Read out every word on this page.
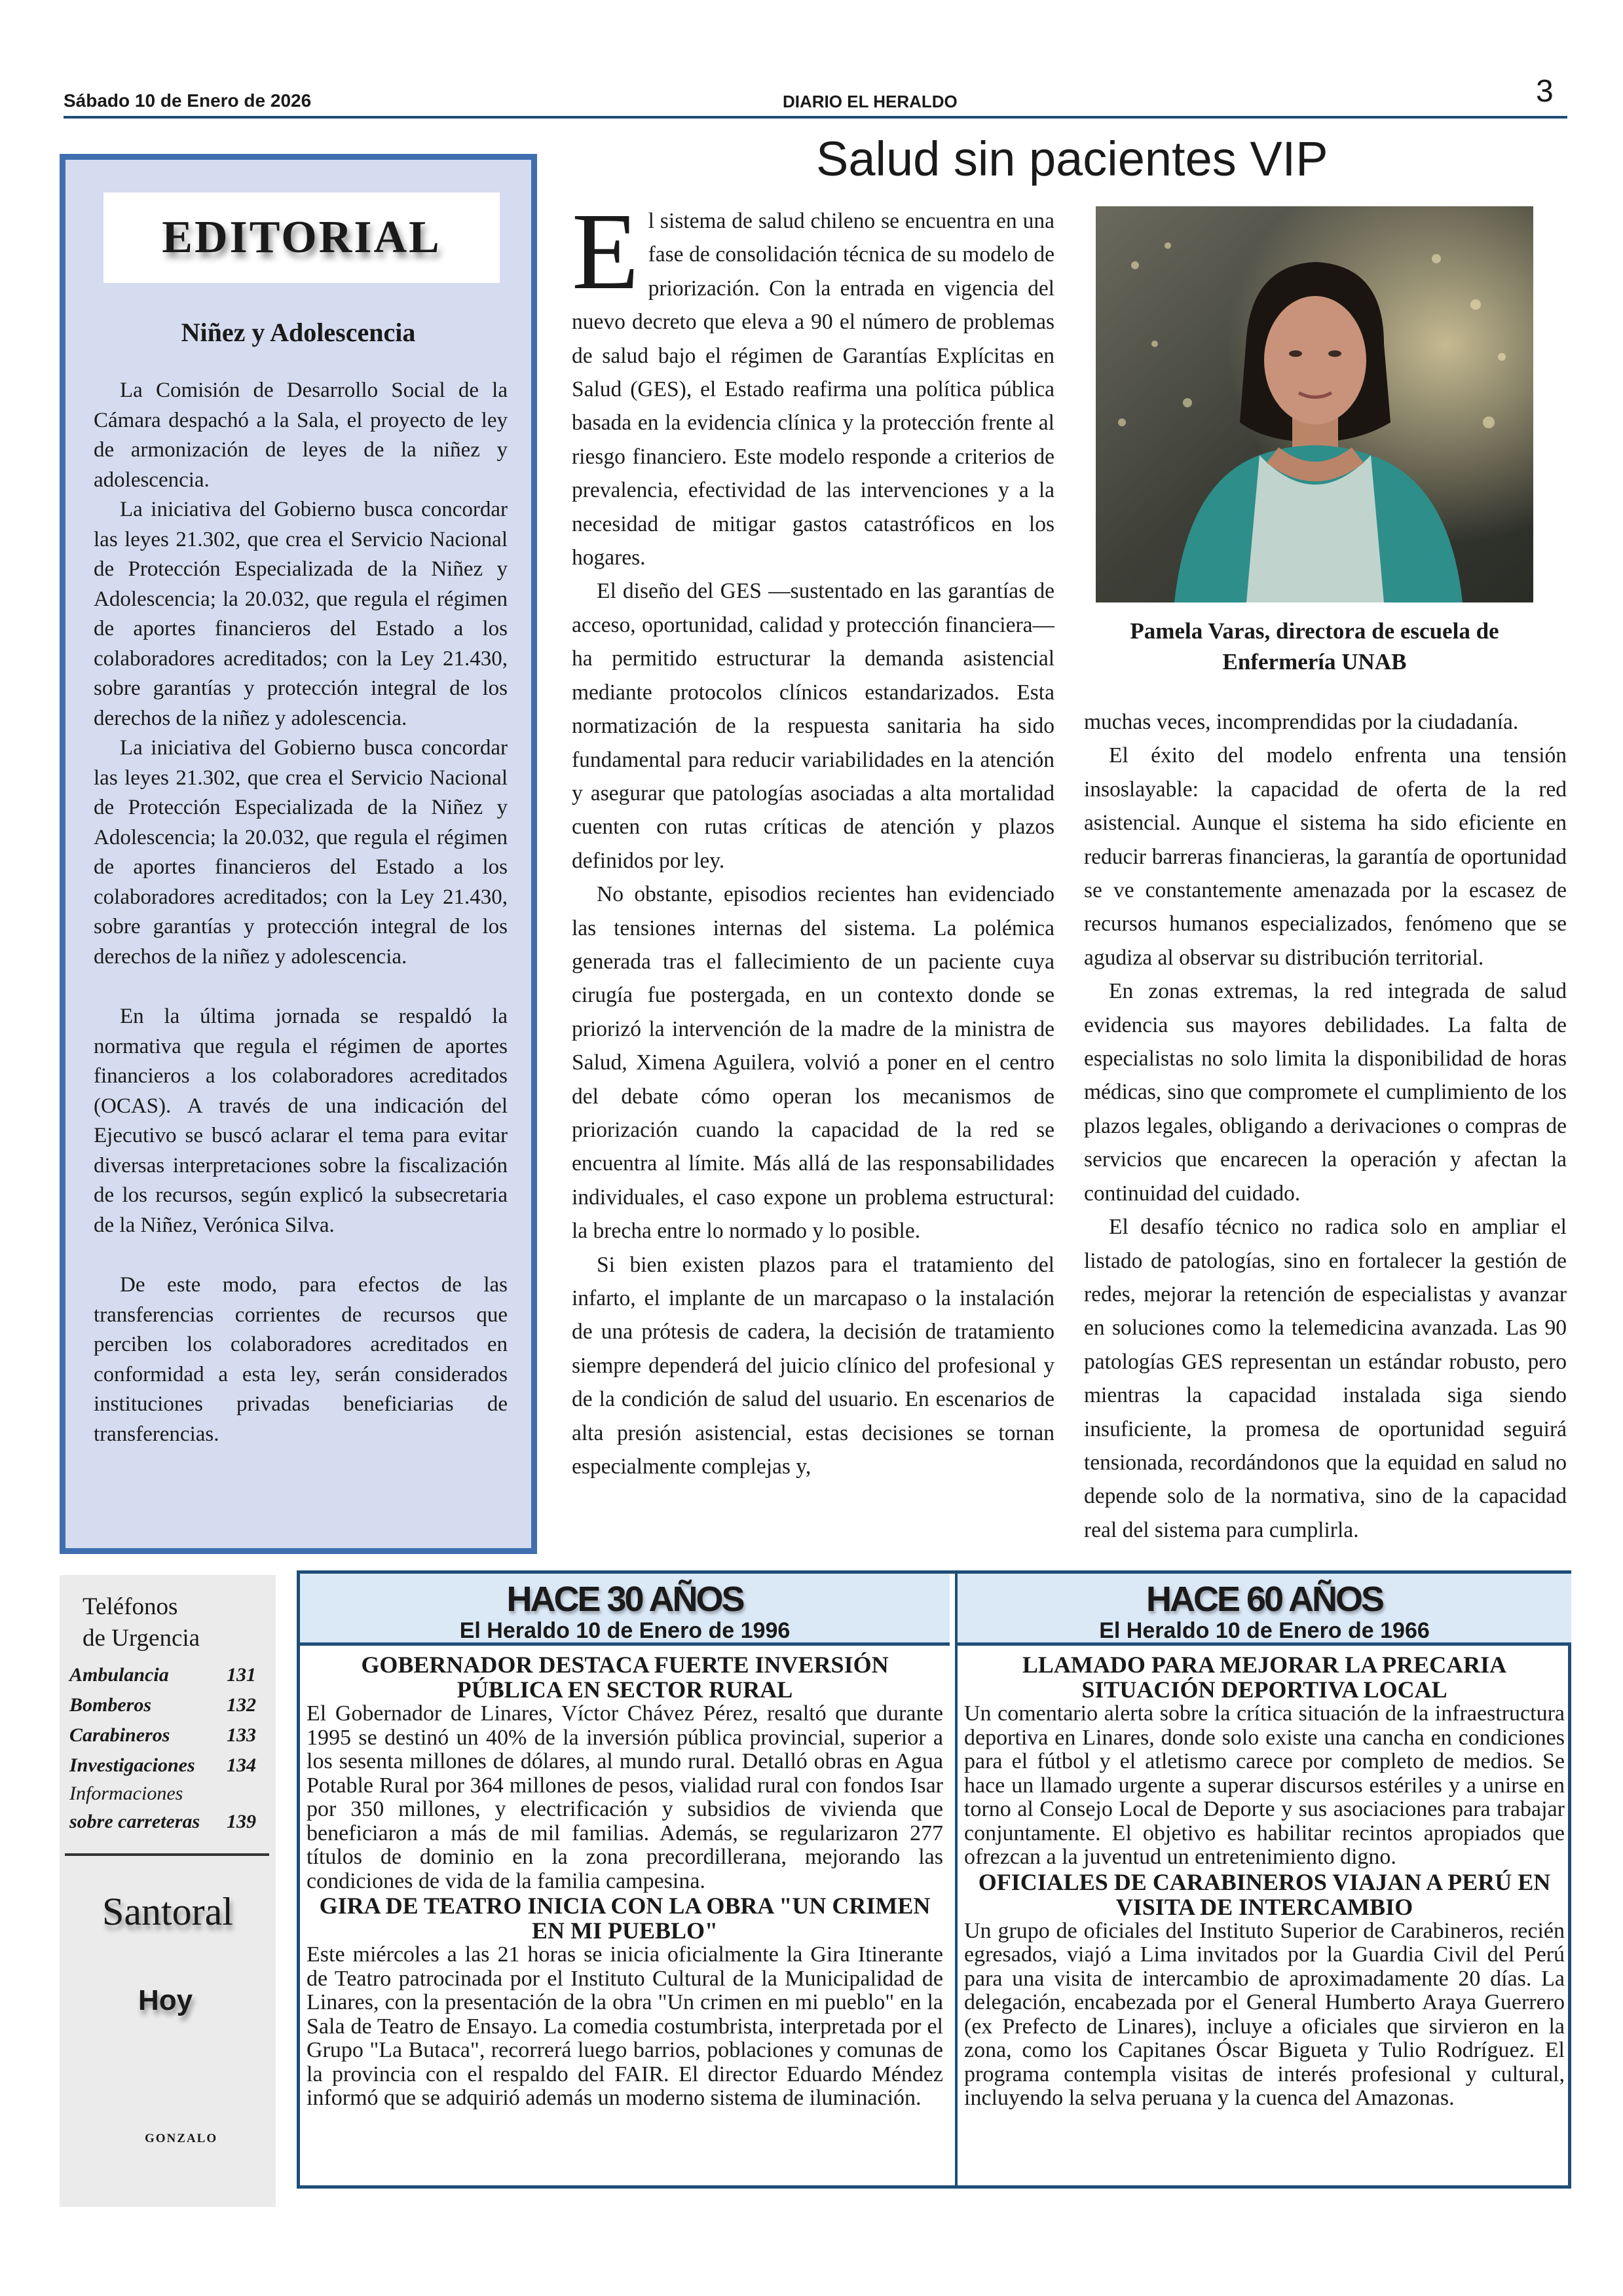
Sábado 10 de Enero de 2026	DIARIO EL HERALDO	3
EDITORIAL
Niñez y Adolescencia

La Comisión de Desarrollo Social de la Cámara despachó a la Sala, el proyecto de ley de armonización de leyes de la niñez y adolescencia.

La iniciativa del Gobierno busca concordar las leyes 21.302, que crea el Servicio Nacional de Protección Especializada de la Niñez y Adolescencia; la 20.032, que regula el régimen de aportes financieros del Estado a los colaboradores acreditados; con la Ley 21.430, sobre garantías y protección integral de los derechos de la niñez y adolescencia.

La iniciativa del Gobierno busca concordar las leyes 21.302, que crea el Servicio Nacional de Protección Especializada de la Niñez y Adolescencia; la 20.032, que regula el régimen de aportes financieros del Estado a los colaboradores acreditados; con la Ley 21.430, sobre garantías y protección integral de los derechos de la niñez y adolescencia.

En la última jornada se respaldó la normativa que regula el régimen de aportes financieros a los colaboradores acreditados (OCAS). A través de una indicación del Ejecutivo se buscó aclarar el tema para evitar diversas interpretaciones sobre la fiscalización de los recursos, según explicó la subsecretaria de la Niñez, Verónica Silva.

De este modo, para efectos de las transferencias corrientes de recursos que perciben los colaboradores acreditados en conformidad a esta ley, serán considerados instituciones privadas beneficiarias de transferencias.

Salud sin pacientes VIP

El sistema de salud chileno se encuentra en una fase de consolidación técnica de su modelo de priorización. Con la entrada en vigencia del nuevo decreto que eleva a 90 el número de problemas de salud bajo el régimen de Garantías Explícitas en Salud (GES), el Estado reafirma una política pública basada en la evidencia clínica y la protección frente al riesgo financiero. Este modelo responde a criterios de prevalencia, efectividad de las intervenciones y a la necesidad de mitigar gastos catastróficos en los hogares.

El diseño del GES —sustentado en las garantías de acceso, oportunidad, calidad y protección financiera— ha permitido estructurar la demanda asistencial mediante protocolos clínicos estandarizados. Esta normatización de la respuesta sanitaria ha sido fundamental para reducir variabilidades en la atención y asegurar que patologías asociadas a alta mortalidad cuenten con rutas críticas de atención y plazos definidos por ley.

No obstante, episodios recientes han evidenciado las tensiones internas del sistema. La polémica generada tras el fallecimiento de un paciente cuya cirugía fue postergada, en un contexto donde se priorizó la intervención de la madre de la ministra de Salud, Ximena Aguilera, volvió a poner en el centro del debate cómo operan los mecanismos de priorización cuando la capacidad de la red se encuentra al límite. Más allá de las responsabilidades individuales, el caso expone un problema estructural: la brecha entre lo normado y lo posible.

Si bien existen plazos para el tratamiento del infarto, el implante de un marcapaso o la instalación de una prótesis de cadera, la decisión de tratamiento siempre dependerá del juicio clínico del profesional y de la condición de salud del usuario. En escenarios de alta presión asistencial, estas decisiones se tornan especialmente complejas y,

Pamela Varas, directora de escuela de Enfermería UNAB

muchas veces, incomprendidas por la ciudadanía.

El éxito del modelo enfrenta una tensión insoslayable: la capacidad de oferta de la red asistencial. Aunque el sistema ha sido eficiente en reducir barreras financieras, la garantía de oportunidad se ve constantemente amenazada por la escasez de recursos humanos especializados, fenómeno que se agudiza al observar su distribución territorial.

En zonas extremas, la red integrada de salud evidencia sus mayores debilidades. La falta de especialistas no solo limita la disponibilidad de horas médicas, sino que compromete el cumplimiento de los plazos legales, obligando a derivaciones o compras de servicios que encarecen la operación y afectan la continuidad del cuidado.

El desafío técnico no radica solo en ampliar el listado de patologías, sino en fortalecer la gestión de redes, mejorar la retención de especialistas y avanzar en soluciones como la telemedicina avanzada. Las 90 patologías GES representan un estándar robusto, pero mientras la capacidad instalada siga siendo insuficiente, la promesa de oportunidad seguirá tensionada, recordándonos que la equidad en salud no depende solo de la normativa, sino de la capacidad real del sistema para cumplirla.

Teléfonos
de Urgencia
Ambulancia	131
Bomberos	132
Carabineros	133
Investigaciones 134
Informaciones
sobre carreteras 139
Santoral
Hoy
GONZALO
HACE 30 AÑOS
El Heraldo 10 de Enero de 1996
GOBERNADOR DESTACA FUERTE INVERSIÓN PÚBLICA EN SECTOR RURAL

El Gobernador de Linares, Víctor Chávez Pérez, resaltó que durante 1995 se destinó un 40% de la inversión pública provincial, superior a los sesenta millones de dólares, al mundo rural. Detalló obras en Agua Potable Rural por 364 millones de pesos, vialidad rural con fondos Isar por 350 millones, y electrificación y subsidios de vivienda que beneficiaron a más de mil familias. Además, se regularizaron 277 títulos de dominio en la zona precordillerana, mejorando las condiciones de vida de la familia campesina.

GIRA DE TEATRO INICIA CON LA OBRA "UN CRIMEN EN MI PUEBLO"

Este miércoles a las 21 horas se inicia oficialmente la Gira Itinerante de Teatro patrocinada por el Instituto Cultural de la Municipalidad de Linares, con la presentación de la obra "Un crimen en mi pueblo" en la Sala de Teatro de Ensayo. La comedia costumbrista, interpretada por el Grupo "La Butaca", recorrerá luego barrios, poblaciones y comunas de la provincia con el respaldo del FAIR. El director Eduardo Méndez informó que se adquirió además un moderno sistema de iluminación.

HACE 60 AÑOS
El Heraldo 10 de Enero de 1966
LLAMADO PARA MEJORAR LA PRECARIA SITUACIÓN DEPORTIVA LOCAL

Un comentario alerta sobre la crítica situación de la infraestructura deportiva en Linares, donde solo existe una cancha en condiciones para el fútbol y el atletismo carece por completo de medios. Se hace un llamado urgente a superar discursos estériles y a unirse en torno al Consejo Local de Deporte y sus asociaciones para trabajar conjuntamente. El objetivo es habilitar recintos apropiados que ofrezcan a la juventud un entretenimiento digno.

OFICIALES DE CARABINEROS VIAJAN A PERÚ EN VISITA DE INTERCAMBIO

Un grupo de oficiales del Instituto Superior de Carabineros, recién egresados, viajó a Lima invitados por la Guardia Civil del Perú para una visita de intercambio de aproximadamente 20 días. La delegación, encabezada por el General Humberto Araya Guerrero (ex Prefecto de Linares), incluye a oficiales que sirvieron en la zona, como los Capitanes Óscar Bigueta y Tulio Rodríguez. El programa contempla visitas de interés profesional y cultural, incluyendo la selva peruana y la cuenca del Amazonas.
